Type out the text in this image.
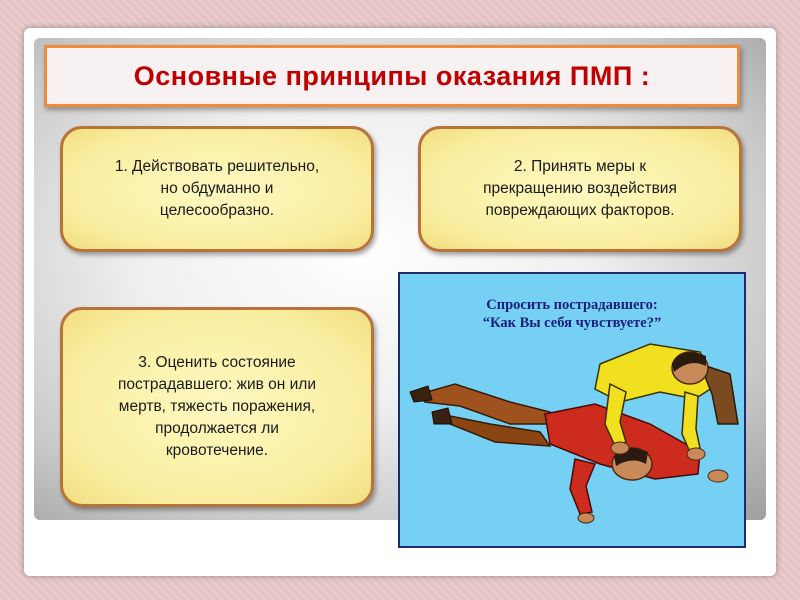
Основные принципы оказания ПМП :
1. Действовать решительно,
но обдуманно и
целесообразно.
2. Принять меры к
прекращению воздействия
повреждающих факторов.
3. Оценить состояние
пострадавшего: жив он или
мертв, тяжесть поражения,
продолжается ли
кровотечение.
Спросить пострадавшего:
“Как Вы себя чувствуете?”
